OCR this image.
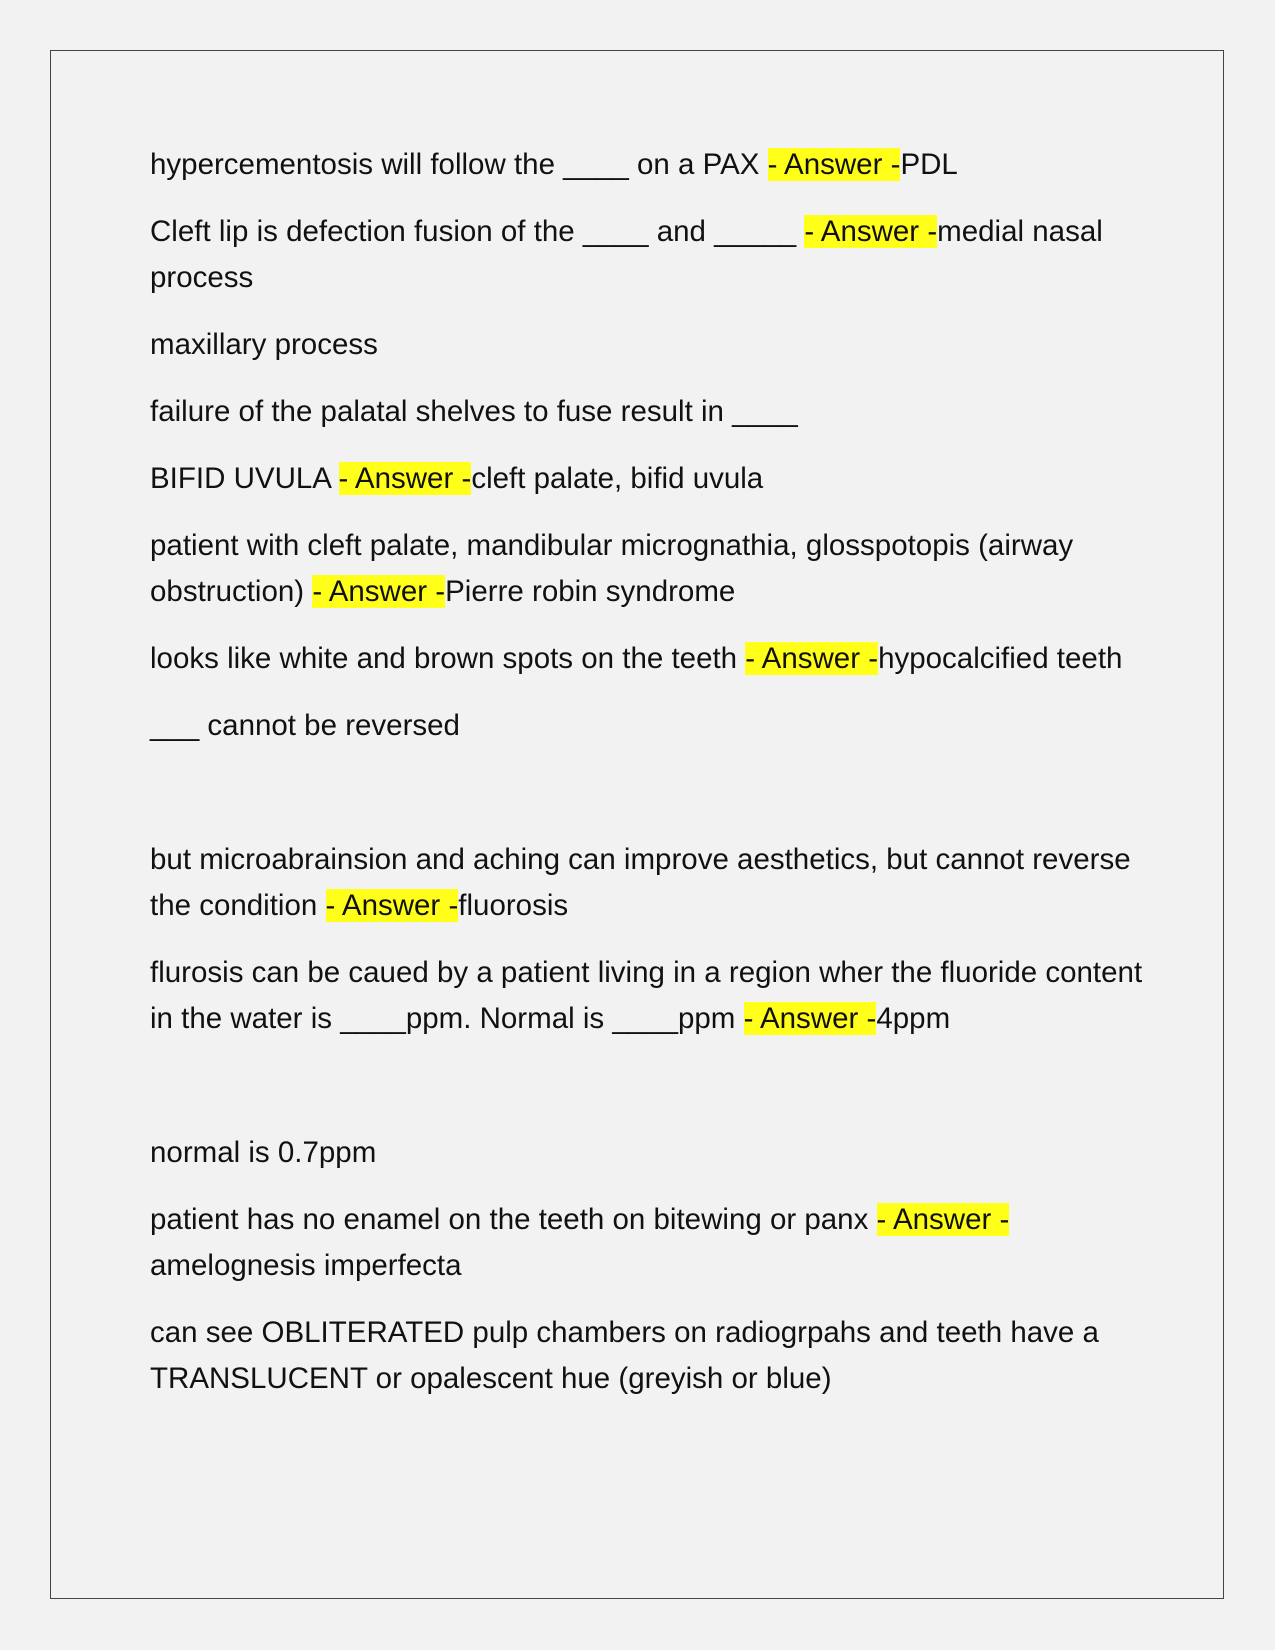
hypercementosis will follow the ____ on a PAX - Answer -PDL

Cleft lip is defection fusion of the ____ and _____ - Answer -medial nasal process

maxillary process

failure of the palatal shelves to fuse result in ____

BIFID UVULA - Answer -cleft palate, bifid uvula

patient with cleft palate, mandibular micrognathia, glosspotopis (airway obstruction) - Answer -Pierre robin syndrome

looks like white and brown spots on the teeth - Answer -hypocalcified teeth

___ cannot be reversed

but microabrainsion and aching can improve aesthetics, but cannot reverse the condition - Answer -fluorosis

flurosis can be caued by a patient living in a region wher the fluoride content in the water is ____ppm. Normal is ____ppm - Answer -4ppm

normal is 0.7ppm

patient has no enamel on the teeth on bitewing or panx - Answer -amelognesis imperfecta

can see OBLITERATED pulp chambers on radiogrpahs and teeth have a TRANSLUCENT or opalescent hue (greyish or blue)
